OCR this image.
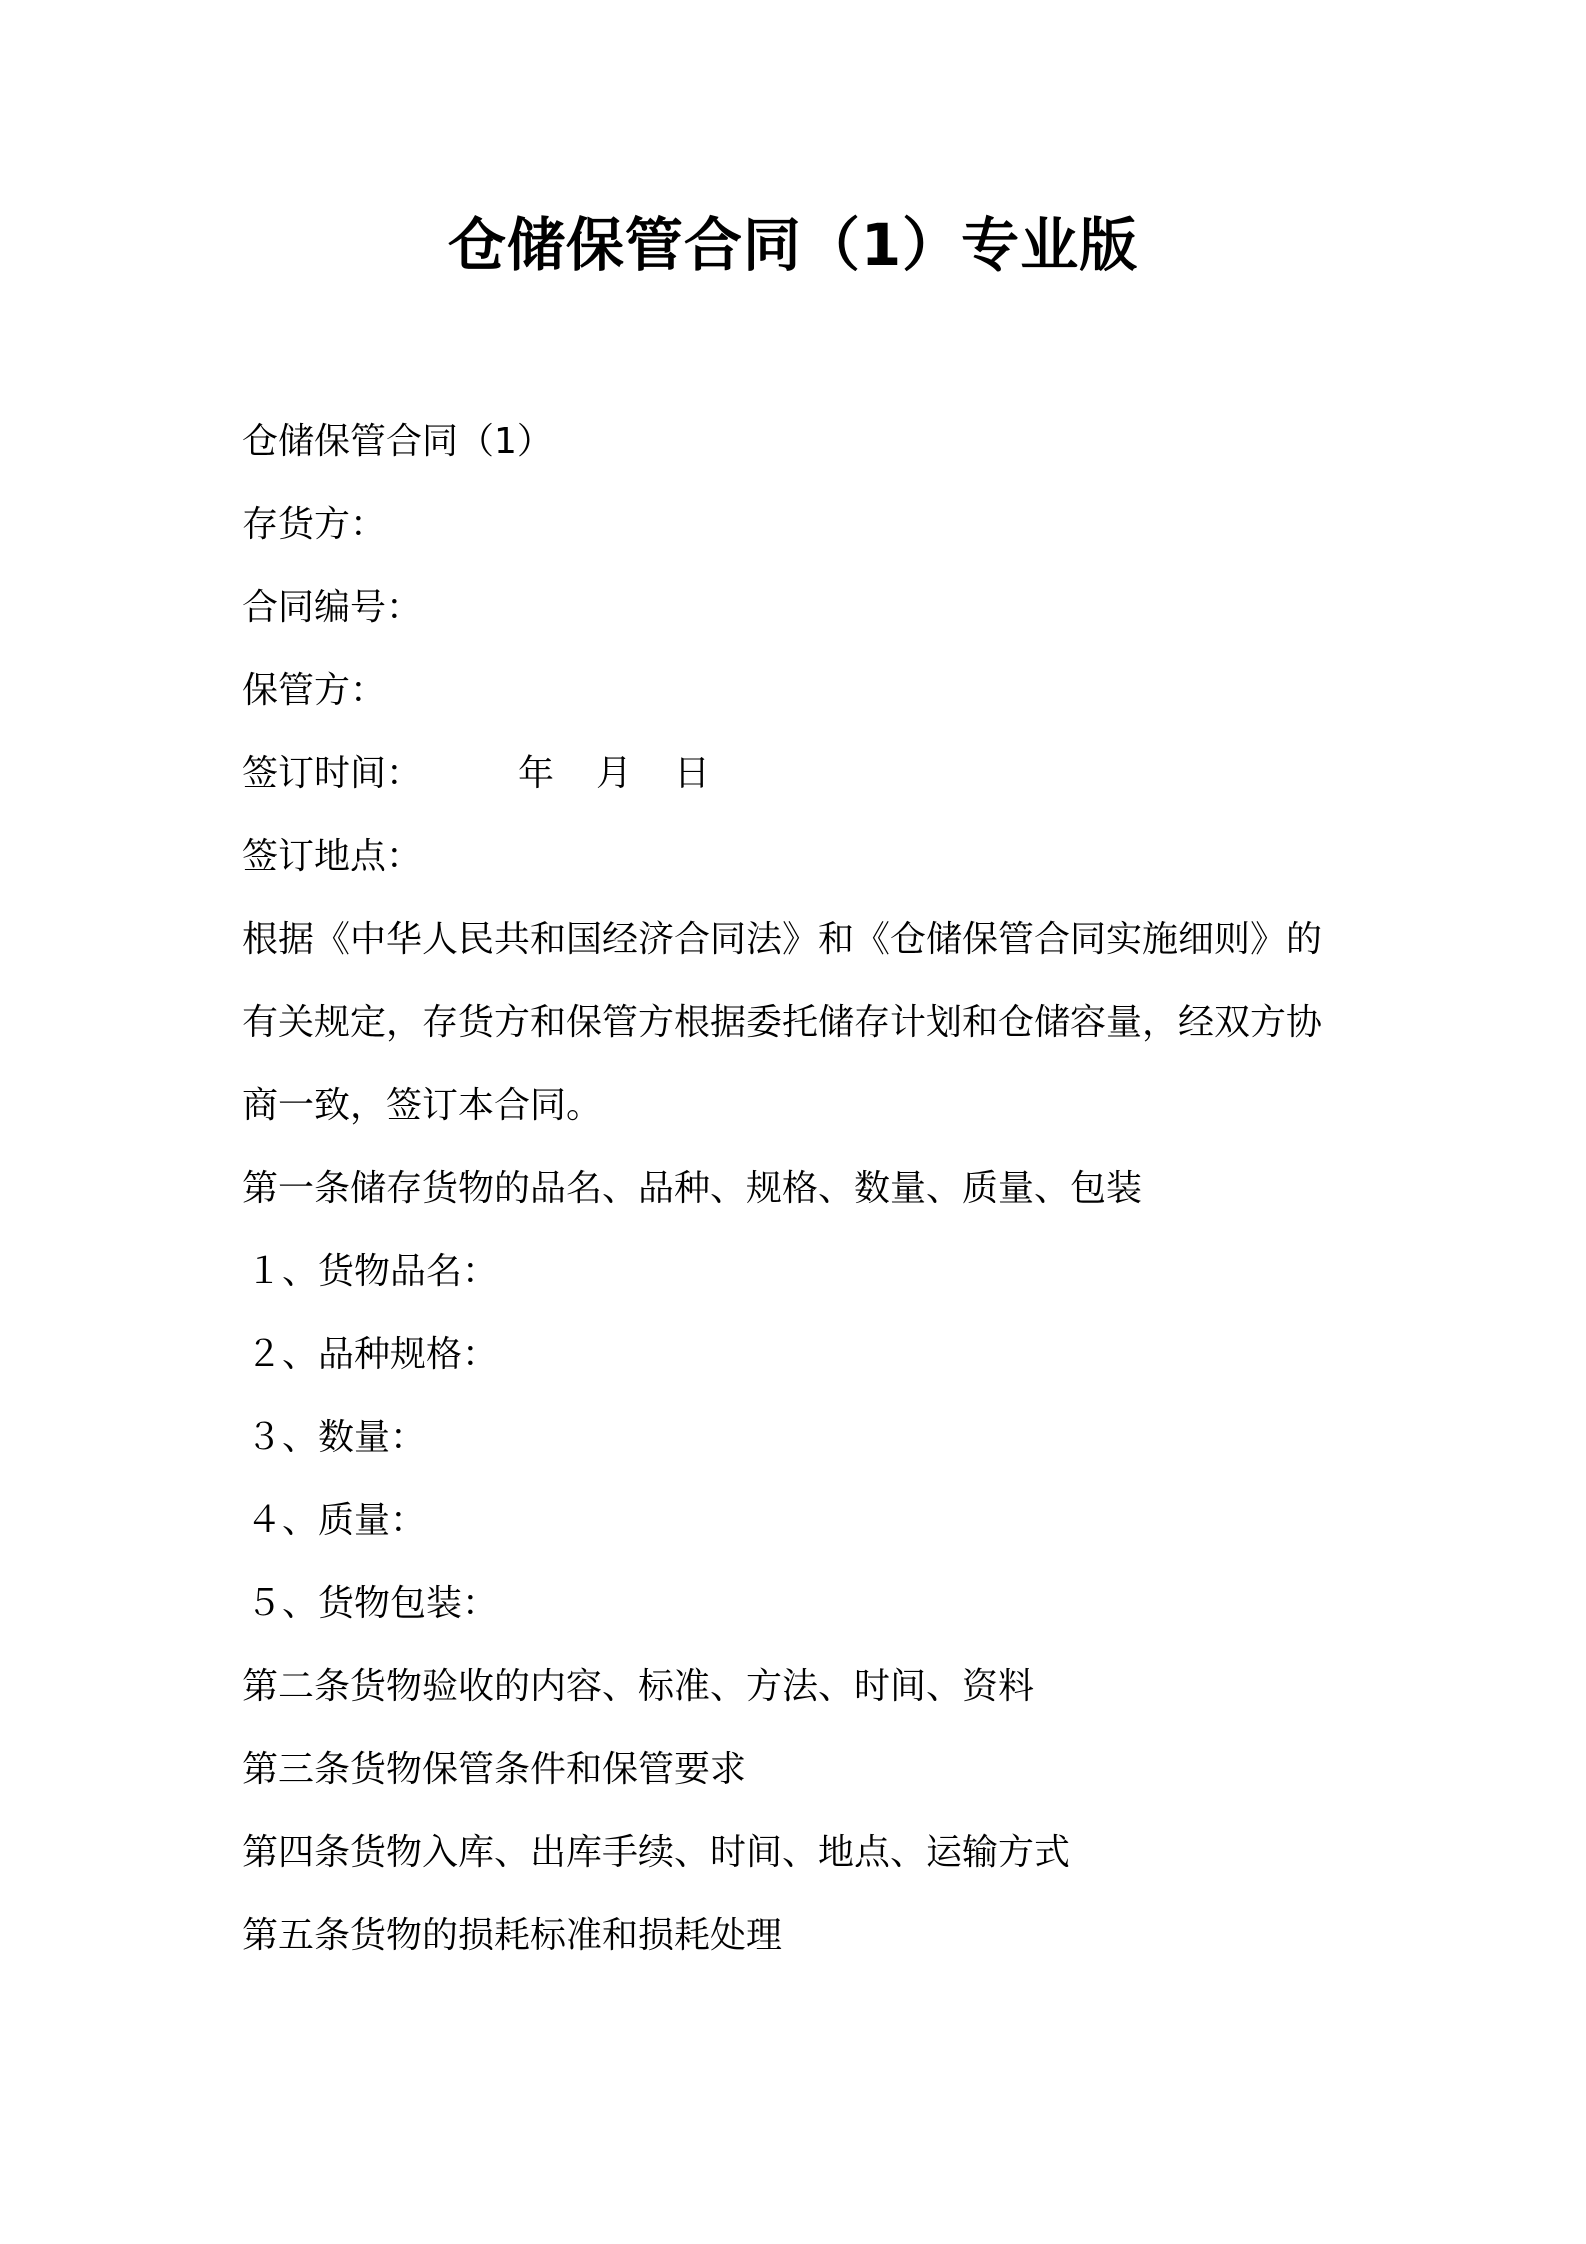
仓储保管合同（1）专业版

仓储保管合同（1）

存货方：

合同编号：

保管方：

签订时间：	年 月 日

签订地点：

根据《中华人民共和国经济合同法》和《仓储保管合同实施细则》的

有关规定，存货方和保管方根据委托储存计划和仓储容量，经双方协

商一致，签订本合同。

第一条储存货物的品名、品种、规格、数量、质量、包装

１、货物品名：

２、品种规格：

３、数量：

４、质量：

５、货物包装：

第二条货物验收的内容、标准、方法、时间、资料

第三条货物保管条件和保管要求

第四条货物入库、出库手续、时间、地点、运输方式

第五条货物的损耗标准和损耗处理
